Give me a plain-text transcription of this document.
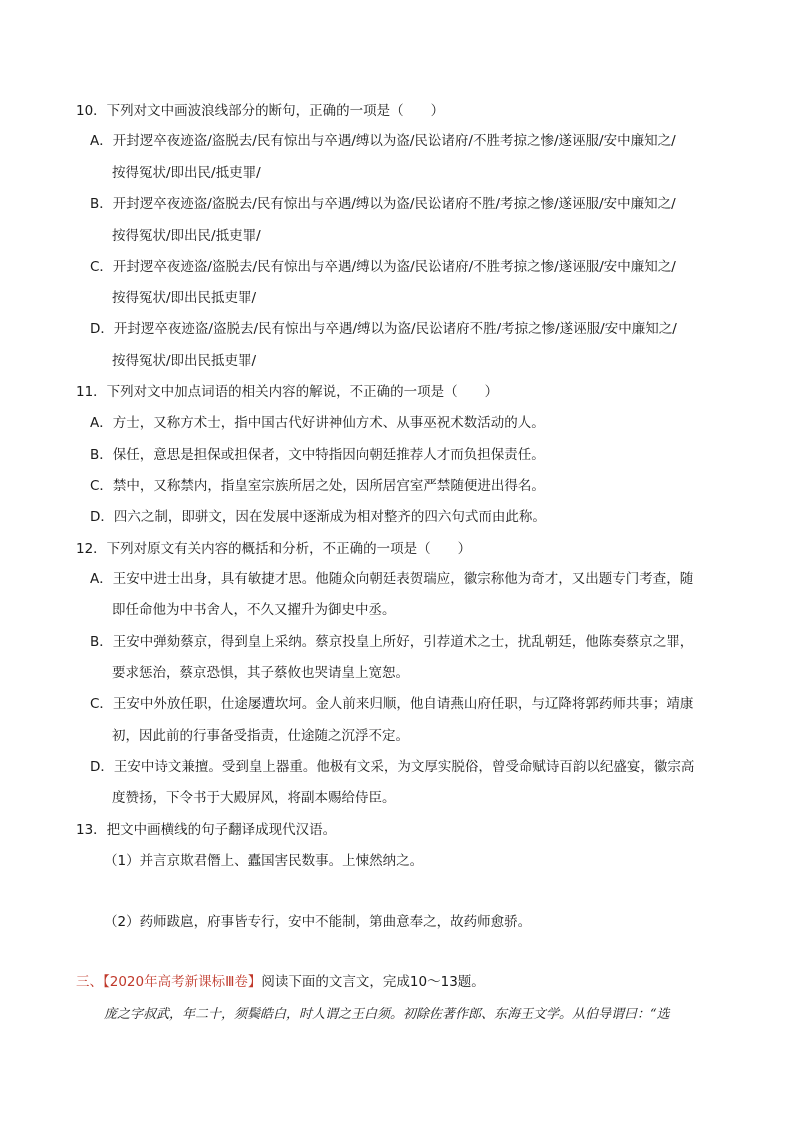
10．下列对文中画波浪线部分的断句，正确的一项是（　　）
A．开封逻卒夜迹盗/盗脱去/民有惊出与卒遇/缚以为盗/民讼诸府/不胜考掠之惨/遂诬服/安中廉知之/
按得冤状/即出民/抵吏罪/
B．开封逻卒夜迹盗/盗脱去/民有惊出与卒遇/缚以为盗/民讼诸府不胜/考掠之惨/遂诬服/安中廉知之/
按得冤状/即出民/抵吏罪/
C．开封逻卒夜迹盗/盗脱去/民有惊出与卒遇/缚以为盗/民讼诸府/不胜考掠之惨/遂诬服/安中廉知之/
按得冤状/即出民抵吏罪/
D．开封逻卒夜迹盗/盗脱去/民有惊出与卒遇/缚以为盗/民讼诸府不胜/考掠之惨/遂诬服/安中廉知之/
按得冤状/即出民抵吏罪/
11．下列对文中加点词语的相关内容的解说，不正确的一项是（　　）
A．方士，又称方术士，指中国古代好讲神仙方术、从事巫祝术数活动的人。
B．保任，意思是担保或担保者，文中特指因向朝廷推荐人才而负担保责任。
C．禁中，又称禁内，指皇室宗族所居之处，因所居宫室严禁随便进出得名。
D．四六之制，即骈文，因在发展中逐渐成为相对整齐的四六句式而由此称。
12．下列对原文有关内容的概括和分析，不正确的一项是（　　）
A．王安中进士出身，具有敏捷才思。他随众向朝廷表贺瑞应，徽宗称他为奇才，又出题专门考查，随
即任命他为中书舍人，不久又擢升为御史中丞。
B．王安中弹劾蔡京，得到皇上采纳。蔡京投皇上所好，引荐道术之士，扰乱朝廷，他陈奏蔡京之罪，
要求惩治，蔡京恐惧，其子蔡攸也哭请皇上宽恕。
C．王安中外放任职，仕途屡遭坎坷。金人前来归顺，他自请燕山府任职，与辽降将郭药师共事；靖康
初，因此前的行事备受指责，仕途随之沉浮不定。
D．王安中诗文兼擅。受到皇上器重。他极有文采，为文厚实脱俗，曾受命赋诗百韵以纪盛宴，徽宗高
度赞扬，下令书于大殿屏风，将副本赐给侍臣。
13．把文中画横线的句子翻译成现代汉语。
（1）并言京欺君僭上、蠹国害民数事。上悚然纳之。
（2）药师跋扈，府事皆专行，安中不能制，第曲意奉之，故药师愈骄。
三、【2020年高考新课标Ⅲ卷】阅读下面的文言文，完成10～13题。
庞之字叔武，年二十，须鬓皓白，时人谓之王白须。初除佐著作郎、东海王文学。从伯导谓曰：“选
